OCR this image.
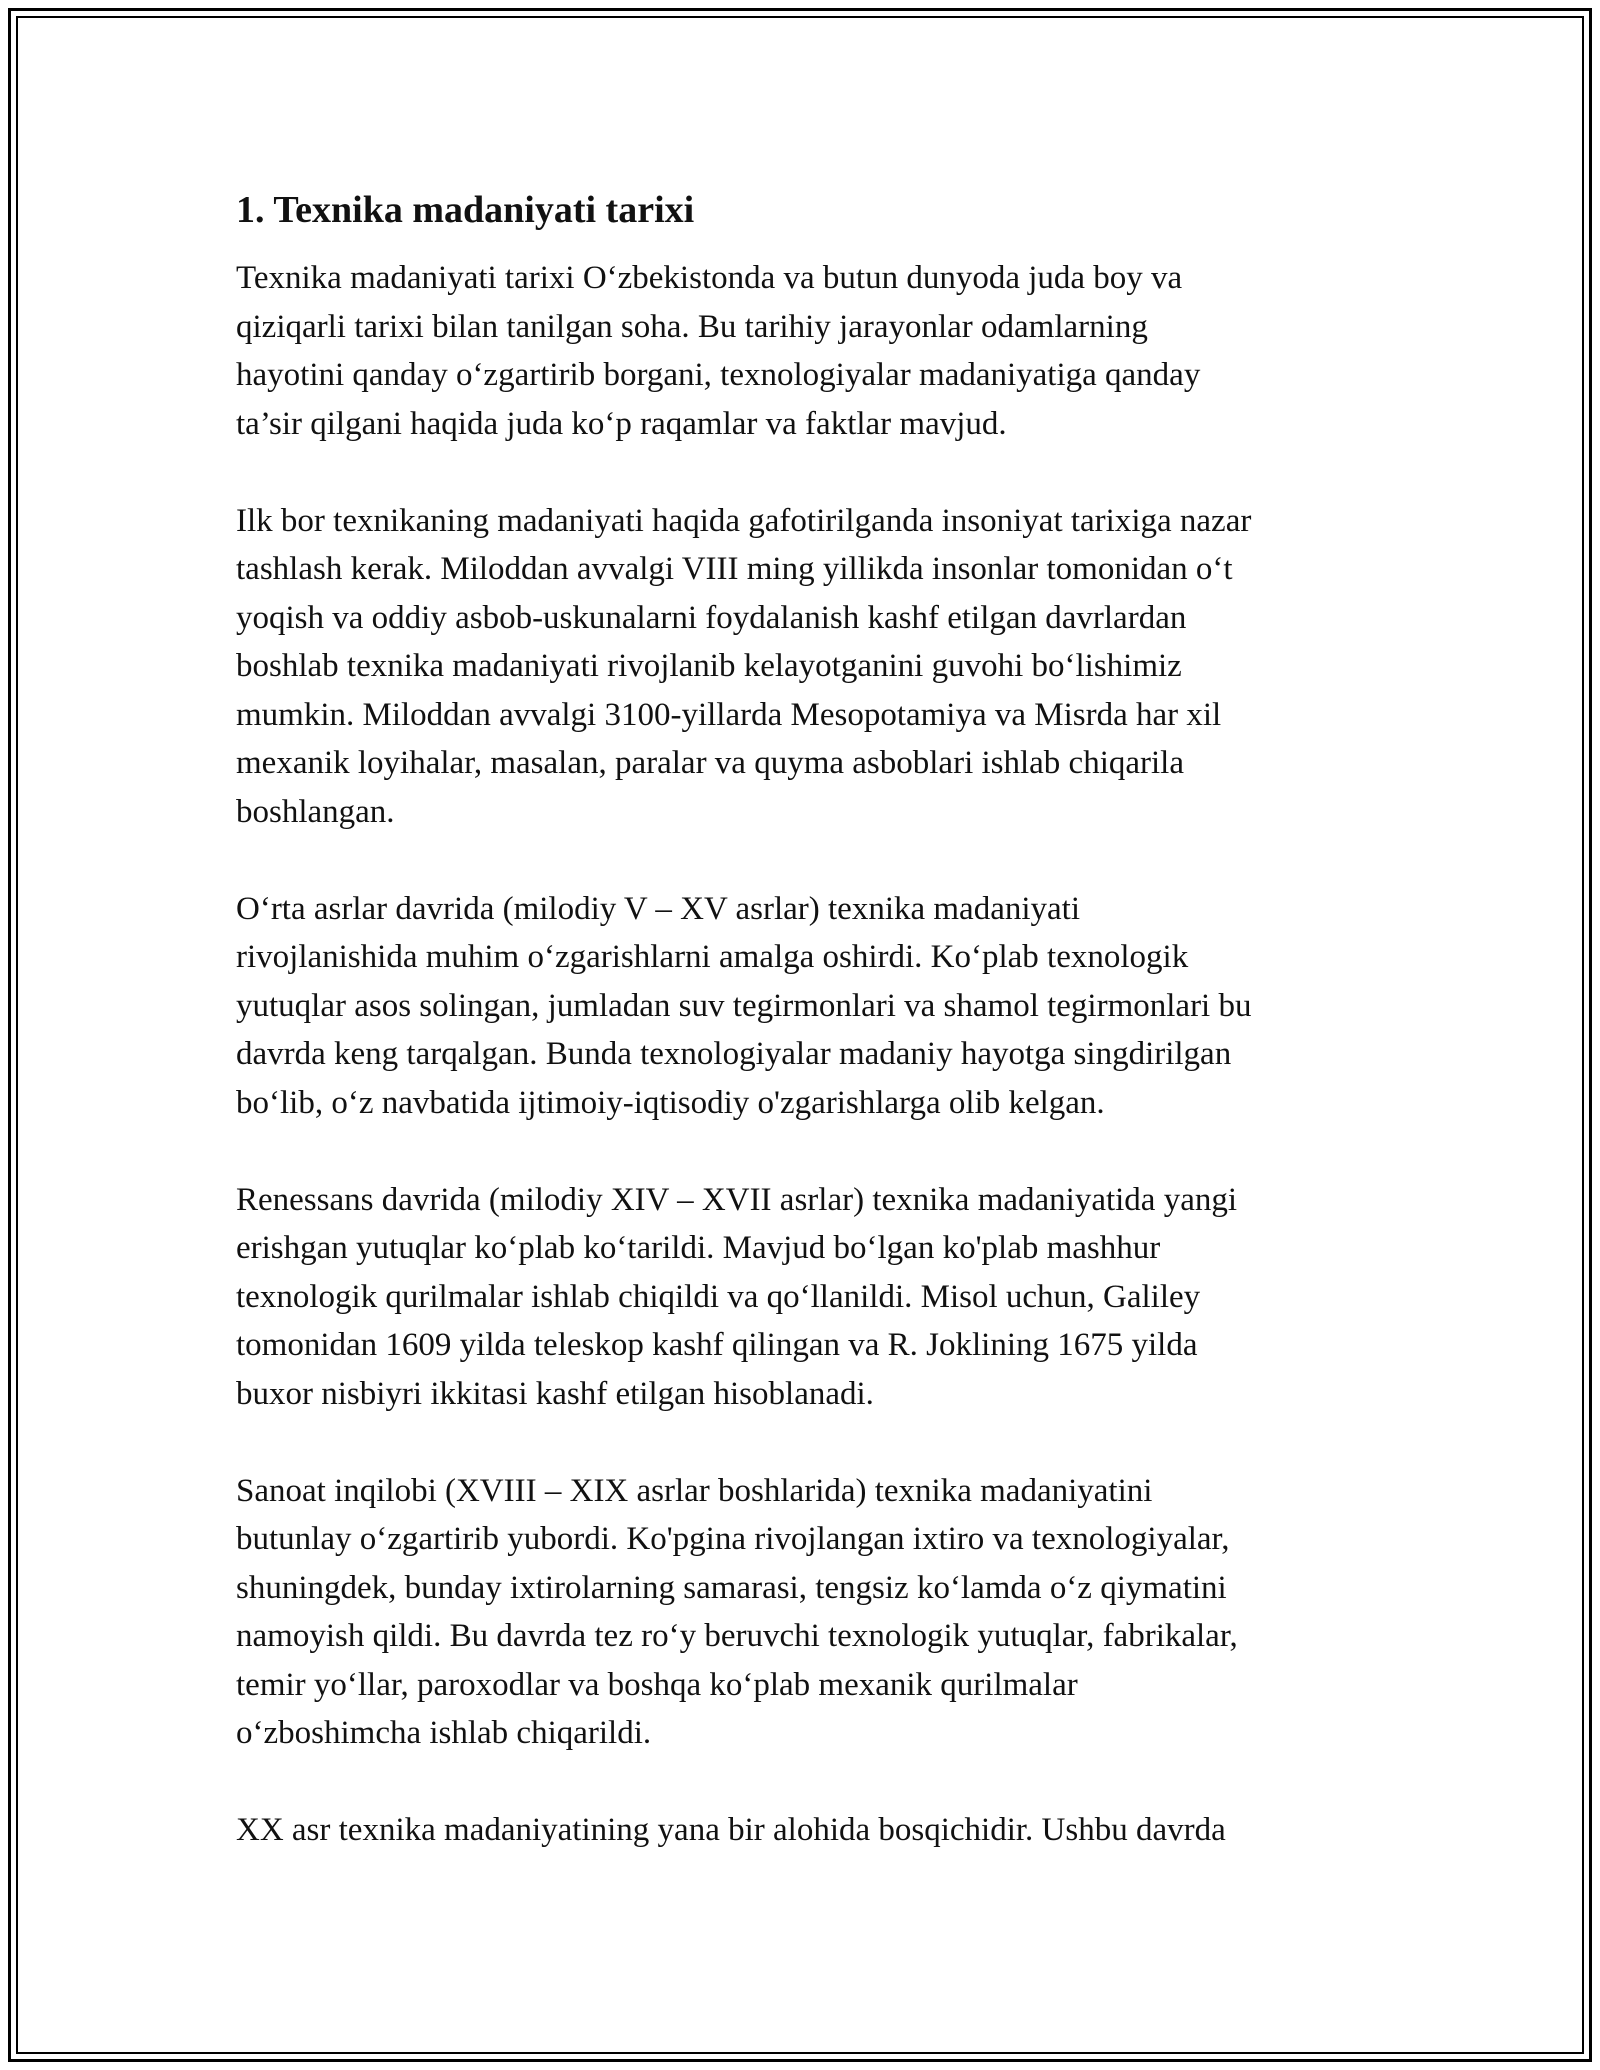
1. Texnika madaniyati tarixi

Texnika madaniyati tarixi O‘zbekistonda va butun dunyoda juda boy va
qiziqarli tarixi bilan tanilgan soha. Bu tarihiy jarayonlar odamlarning
hayotini qanday o‘zgartirib borgani, texnologiyalar madaniyatiga qanday
ta’sir qilgani haqida juda ko‘p raqamlar va faktlar mavjud.

Ilk bor texnikaning madaniyati haqida gafotirilganda insoniyat tarixiga nazar
tashlash kerak. Miloddan avvalgi VIII ming yillikda insonlar tomonidan o‘t
yoqish va oddiy asbob-uskunalarni foydalanish kashf etilgan davrlardan
boshlab texnika madaniyati rivojlanib kelayotganini guvohi bo‘lishimiz
mumkin. Miloddan avvalgi 3100-yillarda Mesopotamiya va Misrda har xil
mexanik loyihalar, masalan, paralar va quyma asboblari ishlab chiqarila
boshlangan.

O‘rta asrlar davrida (milodiy V – XV asrlar) texnika madaniyati
rivojlanishida muhim o‘zgarishlarni amalga oshirdi. Ko‘plab texnologik
yutuqlar asos solingan, jumladan suv tegirmonlari va shamol tegirmonlari bu
davrda keng tarqalgan. Bunda texnologiyalar madaniy hayotga singdirilgan
bo‘lib, o‘z navbatida ijtimoiy-iqtisodiy o'zgarishlarga olib kelgan.

Renessans davrida (milodiy XIV – XVII asrlar) texnika madaniyatida yangi
erishgan yutuqlar ko‘plab ko‘tarildi. Mavjud bo‘lgan ko'plab mashhur
texnologik qurilmalar ishlab chiqildi va qo‘llanildi. Misol uchun, Galiley
tomonidan 1609 yilda teleskop kashf qilingan va R. Joklining 1675 yilda
buxor nisbiyri ikkitasi kashf etilgan hisoblanadi.

Sanoat inqilobi (XVIII – XIX asrlar boshlarida) texnika madaniyatini
butunlay o‘zgartirib yubordi. Ko'pgina rivojlangan ixtiro va texnologiyalar,
shuningdek, bunday ixtirolarning samarasi, tengsiz ko‘lamda o‘z qiymatini
namoyish qildi. Bu davrda tez ro‘y beruvchi texnologik yutuqlar, fabrikalar,
temir yo‘llar, paroxodlar va boshqa ko‘plab mexanik qurilmalar
o‘zboshimcha ishlab chiqarildi.

XX asr texnika madaniyatining yana bir alohida bosqichidir. Ushbu davrda
